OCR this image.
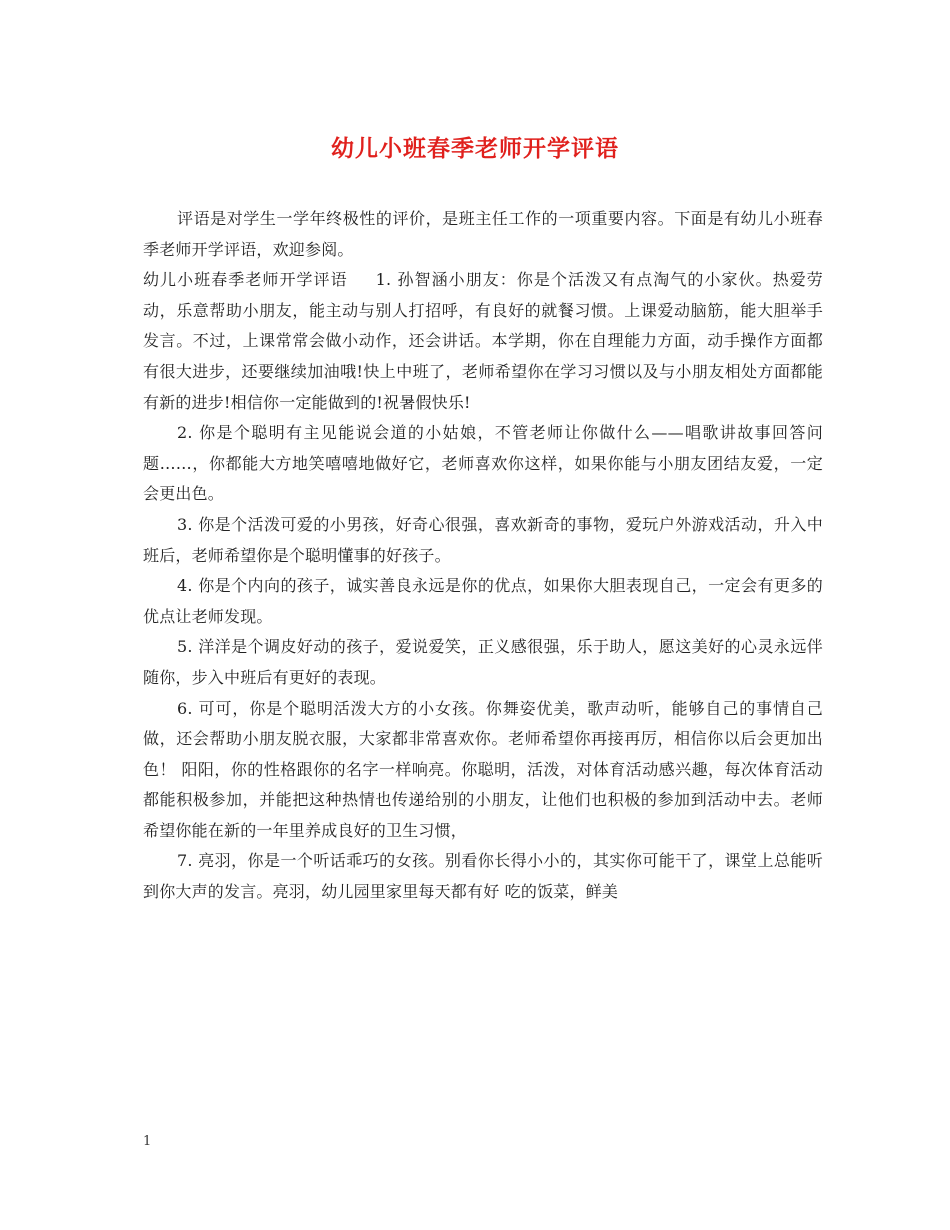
幼儿小班春季老师开学评语

评语是对学生一学年终极性的评价，是班主任工作的一项重要内容。下面是有幼儿小班春季老师开学评语，欢迎参阅。

幼儿小班春季老师开学评语 1. 孙智涵小朋友：你是个活泼又有点淘气的小家伙。热爱劳动，乐意帮助小朋友，能主动与别人打招呼，有良好的就餐习惯。上课爱动脑筋，能大胆举手发言。不过，上课常常会做小动作，还会讲话。本学期，你在自理能力方面，动手操作方面都有很大进步，还要继续加油哦!快上中班了，老师希望你在学习习惯以及与小朋友相处方面都能有新的进步!相信你一定能做到的!祝暑假快乐!

2. 你是个聪明有主见能说会道的小姑娘，不管老师让你做什么——唱歌讲故事回答问题……，你都能大方地笑嘻嘻地做好它，老师喜欢你这样，如果你能与小朋友团结友爱，一定会更出色。

3. 你是个活泼可爱的小男孩，好奇心很强，喜欢新奇的事物，爱玩户外游戏活动，升入中班后，老师希望你是个聪明懂事的好孩子。

4. 你是个内向的孩子，诚实善良永远是你的优点，如果你大胆表现自己，一定会有更多的优点让老师发现。

5. 洋洋是个调皮好动的孩子，爱说爱笑，正义感很强，乐于助人，愿这美好的心灵永远伴随你，步入中班后有更好的表现。

6. 可可，你是个聪明活泼大方的小女孩。你舞姿优美，歌声动听，能够自己的事情自己做，还会帮助小朋友脱衣服，大家都非常喜欢你。老师希望你再接再厉，相信你以后会更加出色！ 阳阳，你的性格跟你的名字一样响亮。你聪明，活泼，对体育活动感兴趣，每次体育活动都能积极参加，并能把这种热情也传递给别的小朋友，让他们也积极的参加到活动中去。老师希望你能在新的一年里养成良好的卫生习惯，

7. 亮羽，你是一个听话乖巧的女孩。别看你长得小小的，其实你可能干了，课堂上总能听到你大声的发言。亮羽，幼儿园里家里每天都有好 吃的饭菜，鲜美

1
